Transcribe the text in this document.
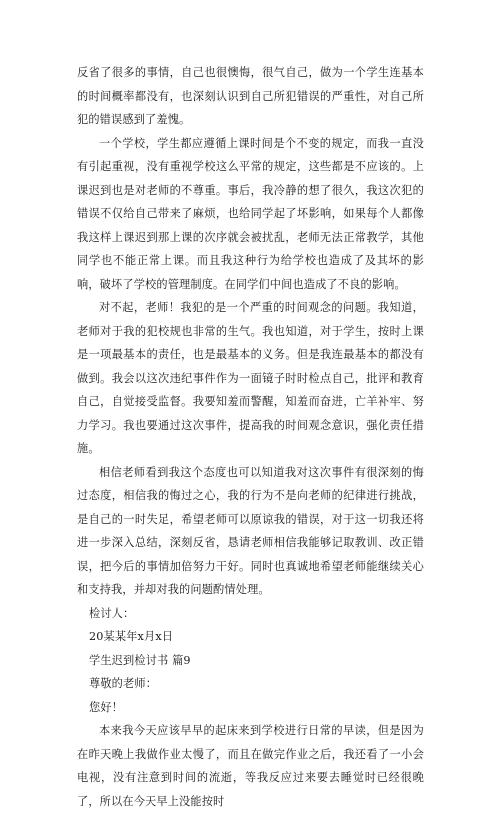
反省了很多的事情，自己也很懊悔，很气自己，做为一个学生连基本的时间概率都没有，也深刻认识到自己所犯错误的严重性，对自己所犯的错误感到了羞愧。

一个学校，学生都应遵循上课时间是个不变的规定，而我一直没有引起重视，没有重视学校这么平常的规定，这些都是不应该的。上课迟到也是对老师的不尊重。事后，我冷静的想了很久，我这次犯的错误不仅给自己带来了麻烦，也给同学起了坏影响，如果每个人都像我这样上课迟到那上课的次序就会被扰乱，老师无法正常教学，其他同学也不能正常上课。而且我这种行为给学校也造成了及其坏的影响，破坏了学校的管理制度。在同学们中间也造成了不良的影响。

对不起，老师！我犯的是一个严重的时间观念的问题。我知道，老师对于我的犯校规也非常的生气。我也知道，对于学生，按时上课是一项最基本的责任，也是最基本的义务。但是我连最基本的都没有做到。我会以这次违纪事件作为一面镜子时时检点自己，批评和教育自己，自觉接受监督。我要知羞而警醒，知羞而奋进，亡羊补牢、努力学习。我也要通过这次事件，提高我的时间观念意识，强化责任措施。

相信老师看到我这个态度也可以知道我对这次事件有很深刻的悔过态度，相信我的悔过之心，我的行为不是向老师的纪律进行挑战，是自己的一时失足，希望老师可以原谅我的错误，对于这一切我还将进一步深入总结，深刻反省，恳请老师相信我能够记取教训、改正错误，把今后的事情加倍努力干好。同时也真诚地希望老师能继续关心和支持我，并却对我的问题酌情处理。

检讨人：

20某某年x月x日

学生迟到检讨书 篇9

尊敬的老师：

您好！

本来我今天应该早早的起床来到学校进行日常的早读，但是因为在昨天晚上我做作业太慢了，而且在做完作业之后，我还看了一小会电视，没有注意到时间的流逝，等我反应过来要去睡觉时已经很晚了，所以在今天早上没能按时
